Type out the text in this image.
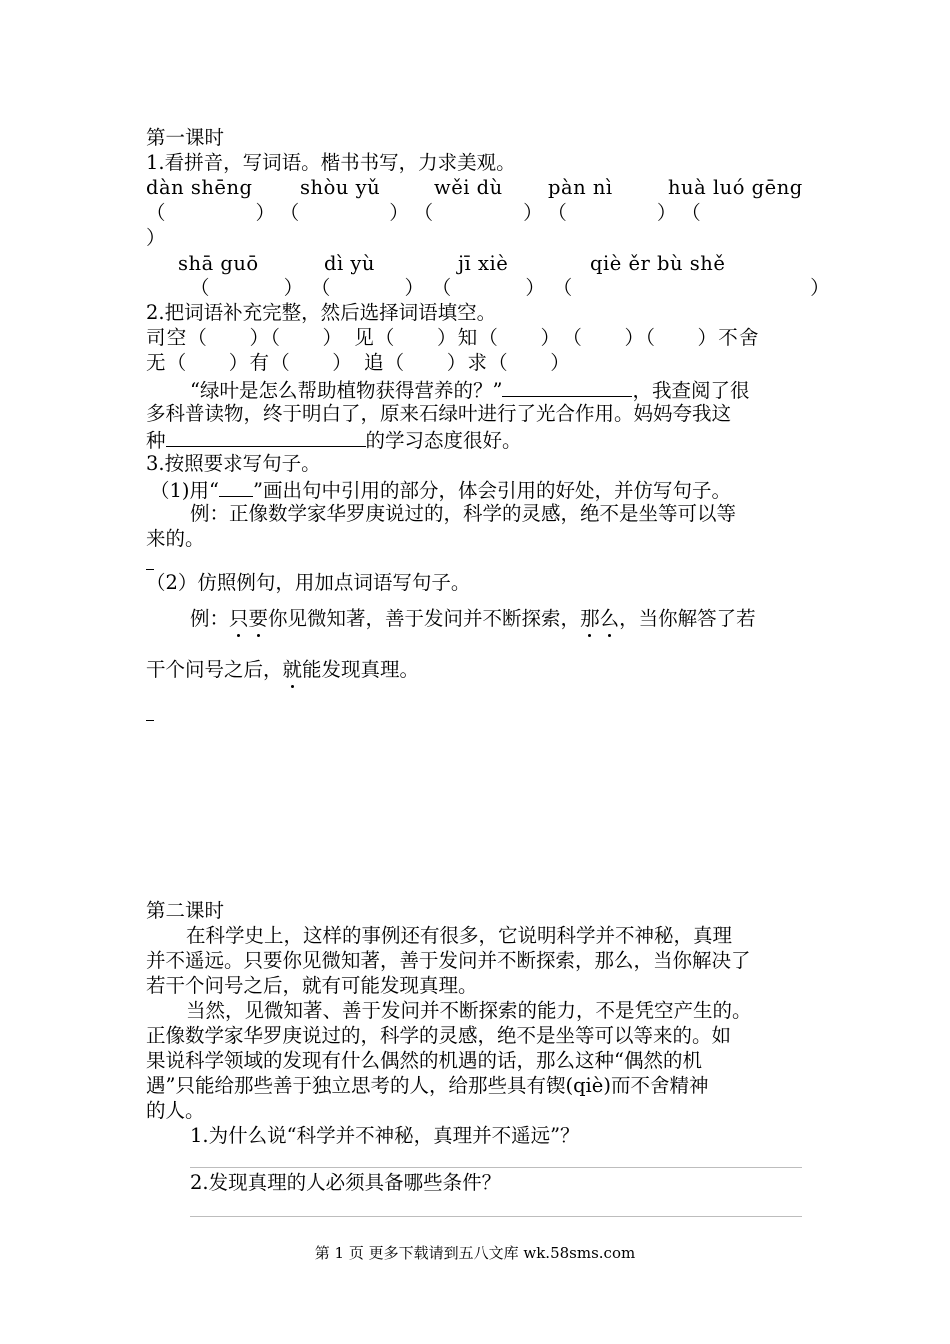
第一课时
1.看拼音，写词语。楷书书写，力求美观。
dàn shēng shòu yǔ	wěi dù pàn nì	huà luó gēng
（　　　　）　（　　　　）　（　　　　）　（　　　　）　（
）
shā guō	dì yù	jī xiè	qiè ěr bù shě
（　　　）　（　　　）　（　　　）　（　　　　　　　　　　）
2.把词语补充完整，然后选择词语填空。
司空（　　）（　　）　见（　　）知（　　）　（　　）（　　）不舍
无（　　）有（　　）　追（　　）求（　　）
“绿叶是怎么帮助植物获得营养的？”	，我查阅了很
多科普读物，终于明白了，原来石绿叶进行了光合作用。妈妈夸我这
种	的学习态度很好。
3.按照要求写句子。
（1)用“ ”画出句中引用的部分，体会引用的好处，并仿写句子。
例：正像数学家华罗庚说过的，科学的灵感，绝不是坐等可以等
来的。
（2）仿照例句，用加点词语写句子。
例：只要你见微知著，善于发问并不断探索，那么，当你解答了若
干个问号之后，就能发现真理。
第二课时
在科学史上，这样的事例还有很多，它说明科学并不神秘，真理
并不遥远。只要你见微知著，善于发问并不断探索，那么，当你解决了
若干个问号之后，就有可能发现真理。
当然，见微知著、善于发问并不断探索的能力，不是凭空产生的。
正像数学家华罗庚说过的，科学的灵感，绝不是坐等可以等来的。如
果说科学领域的发现有什么偶然的机遇的话，那么这种“偶然的机
遇”只能给那些善于独立思考的人，给那些具有锲(qiè)而不舍精神
的人。
1.为什么说“科学并不神秘，真理并不遥远”？
2.发现真理的人必须具备哪些条件？
第 1 页 更多下载请到五八文库 wk.58sms.com
